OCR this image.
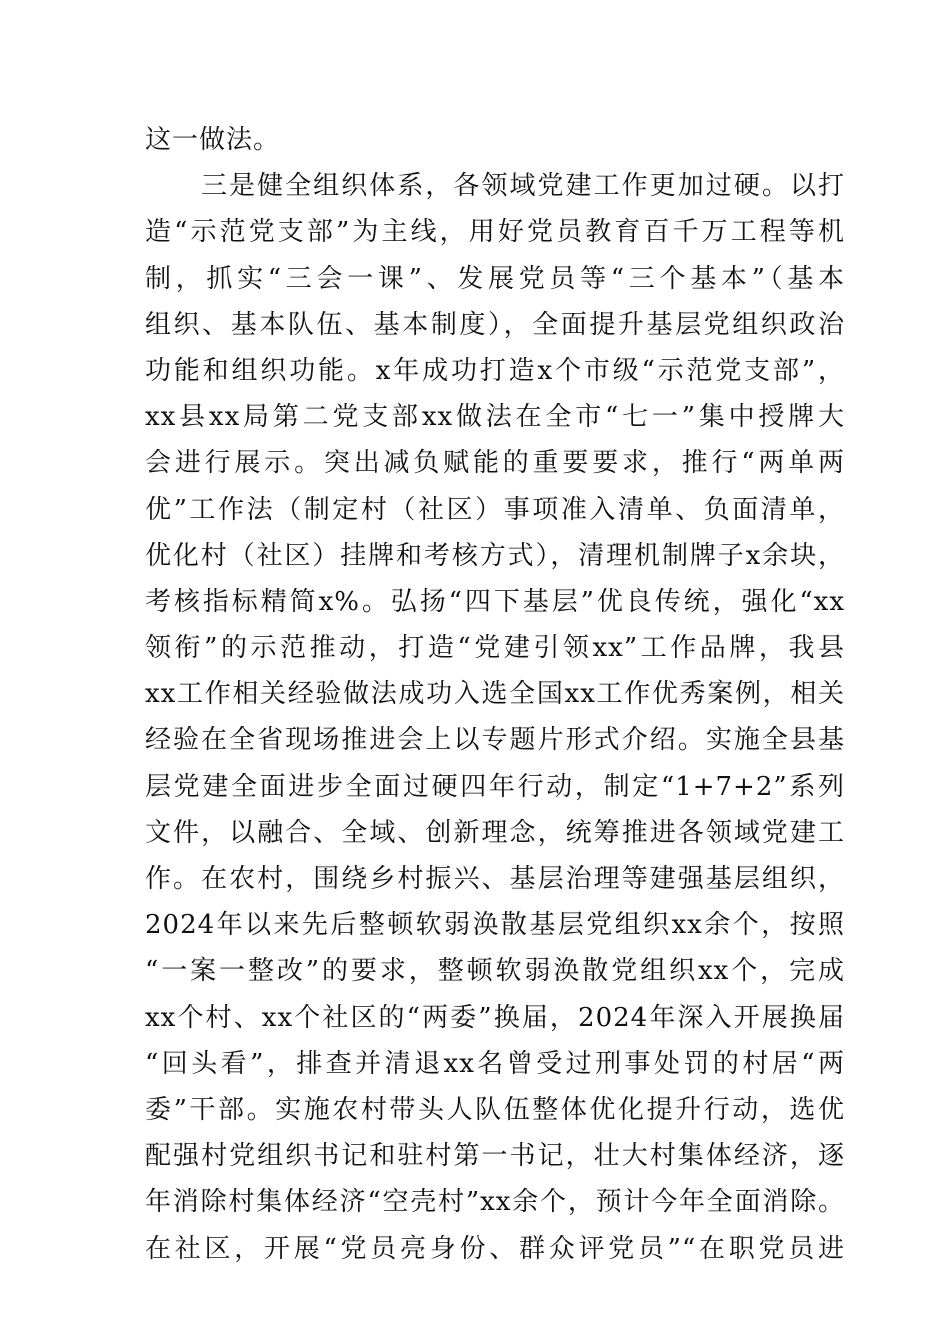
这一做法。
三是健全组织体系，各领域党建工作更加过硬。以打
造“示范党支部”为主线，用好党员教育百千万工程等机
制，抓实“三会一课”、发展党员等“三个基本”（基本
组织、基本队伍、基本制度），全面提升基层党组织政治
功能和组织功能。x年成功打造x个市级“示范党支部”，
xx县xx局第二党支部xx做法在全市“七一”集中授牌大
会进行展示。突出减负赋能的重要要求，推行“两单两
优”工作法（制定村（社区）事项准入清单、负面清单，
优化村（社区）挂牌和考核方式），清理机制牌子x余块，
考核指标精简x%。弘扬“四下基层”优良传统，强化“xx
领衔”的示范推动，打造“党建引领xx”工作品牌，我县
xx工作相关经验做法成功入选全国xx工作优秀案例，相关
经验在全省现场推进会上以专题片形式介绍。实施全县基
层党建全面进步全面过硬四年行动，制定“1+7+2”系列
文件，以融合、全域、创新理念，统筹推进各领域党建工
作。在农村，围绕乡村振兴、基层治理等建强基层组织，
2024年以来先后整顿软弱涣散基层党组织xx余个，按照
“一案一整改”的要求，整顿软弱涣散党组织xx个，完成
xx个村、xx个社区的“两委”换届，2024年深入开展换届
“回头看”，排查并清退xx名曾受过刑事处罚的村居“两
委”干部。实施农村带头人队伍整体优化提升行动，选优
配强村党组织书记和驻村第一书记，壮大村集体经济，逐
年消除村集体经济“空壳村”xx余个，预计今年全面消除。
在社区，开展“党员亮身份、群众评党员”“在职党员进
